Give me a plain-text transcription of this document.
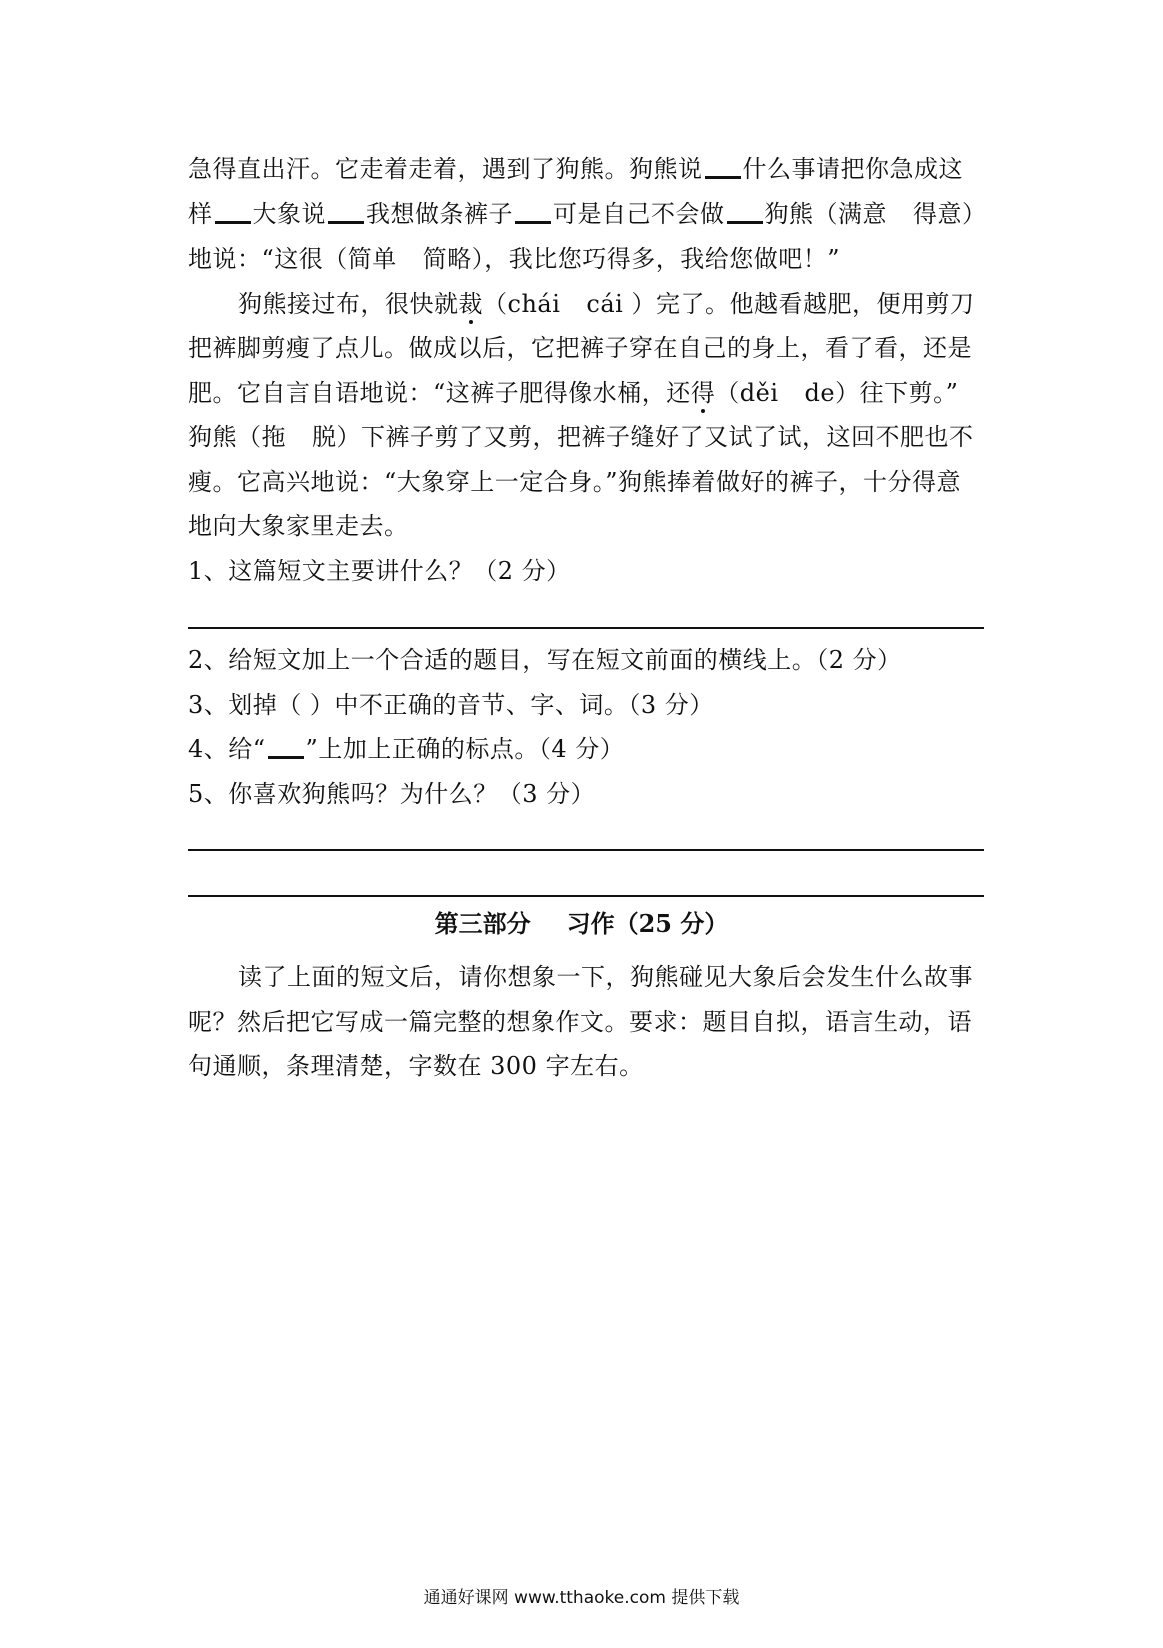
急得直出汗。它走着走着，遇到了狗熊。狗熊说 什么事请把你急成这
样 大象说 我想做条裤子 可是自己不会做 狗熊（满意 得意）
地说：“这很（简单 简略），我比您巧得多，我给您做吧！”
狗熊接过布，很快就裁（chái cái ）完了。他越看越肥，便用剪刀
把裤脚剪瘦了点儿。做成以后，它把裤子穿在自己的身上，看了看，还是
肥。它自言自语地说：“这裤子肥得像水桶，还得（děi de）往下剪。”
狗熊（拖 脱）下裤子剪了又剪，把裤子缝好了又试了试，这回不肥也不
瘦。它高兴地说：“大象穿上一定合身。”狗熊捧着做好的裤子，十分得意
地向大象家里走去。
1、这篇短文主要讲什么？（2 分）
2、给短文加上一个合适的题目，写在短文前面的横线上。（2 分）
3、划掉（ ）中不正确的音节、字、词。（3 分）
4、给“ ”上加上正确的标点。（4 分）
5、你喜欢狗熊吗？为什么？（3 分）
第三部分 习作（25 分）
读了上面的短文后，请你想象一下，狗熊碰见大象后会发生什么故事
呢？然后把它写成一篇完整的想象作文。要求：题目自拟，语言生动，语
句通顺，条理清楚，字数在 300 字左右。
通通好课网 www.tthaoke.com 提供下载
